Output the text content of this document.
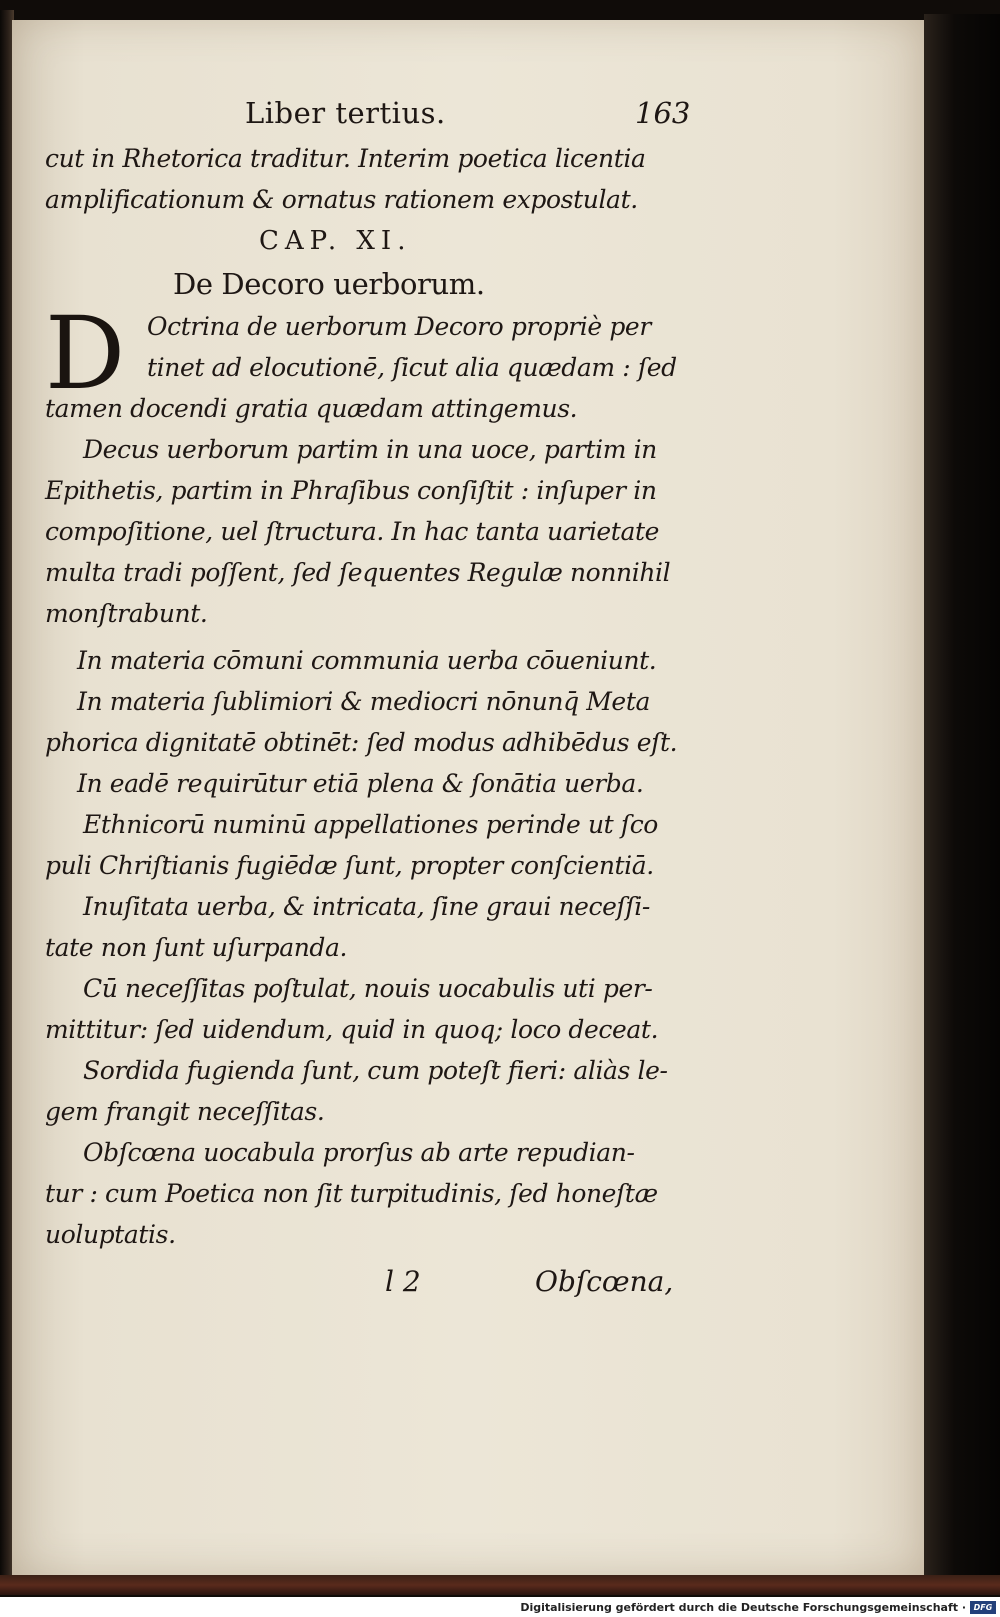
Liber tertius.	163
cut in Rhetorica traditur. Interim poetica licentia
amplificationum & ornatus rationem expostulat.
CAP. XI.
De Decoro uerborum.
D Octrina de uerborum Decoro propriè per
tinet ad elocutionē, ſicut alia quædam : ſed
tamen docendi gratia quædam attingemus.
Decus uerborum partim in una uoce, partim in
Epithetis, partim in Phraſibus conſiſtit : inſuper in
compoſitione, uel ſtructura. In hac tanta uarietate
multa tradi poſſent, ſed ſequentes Regulæ nonnihil
monſtrabunt.
In materia cōmuni communia uerba cōueniunt.
In materia ſublimiori & mediocri nōnunq̄ Meta
phorica dignitatē obtinēt: ſed modus adhibēdus eſt.
In eadē requirūtur etiā plena & ſonātia uerba.
Ethnicorū numinū appellationes perinde ut ſco
puli Chriſtianis fugiēdæ ſunt, propter conſcientiā.
Inuſitata uerba, & intricata, ſine graui neceſſi-
tate non ſunt uſurpanda.
Cū neceſſitas poſtulat, nouis uocabulis uti per-
mittitur: ſed uidendum, quid in quoq; loco deceat.
Sordida fugienda ſunt, cum poteſt fieri: aliàs le-
gem frangit neceſſitas.
Obſcœna uocabula prorſus ab arte repudian-
tur : cum Poetica non ſit turpitudinis, ſed honeſtæ
uoluptatis.
l 2	Obſcœna,
Digitalisierung gefördert durch die Deutsche Forschungsgemeinschaft · DFG
